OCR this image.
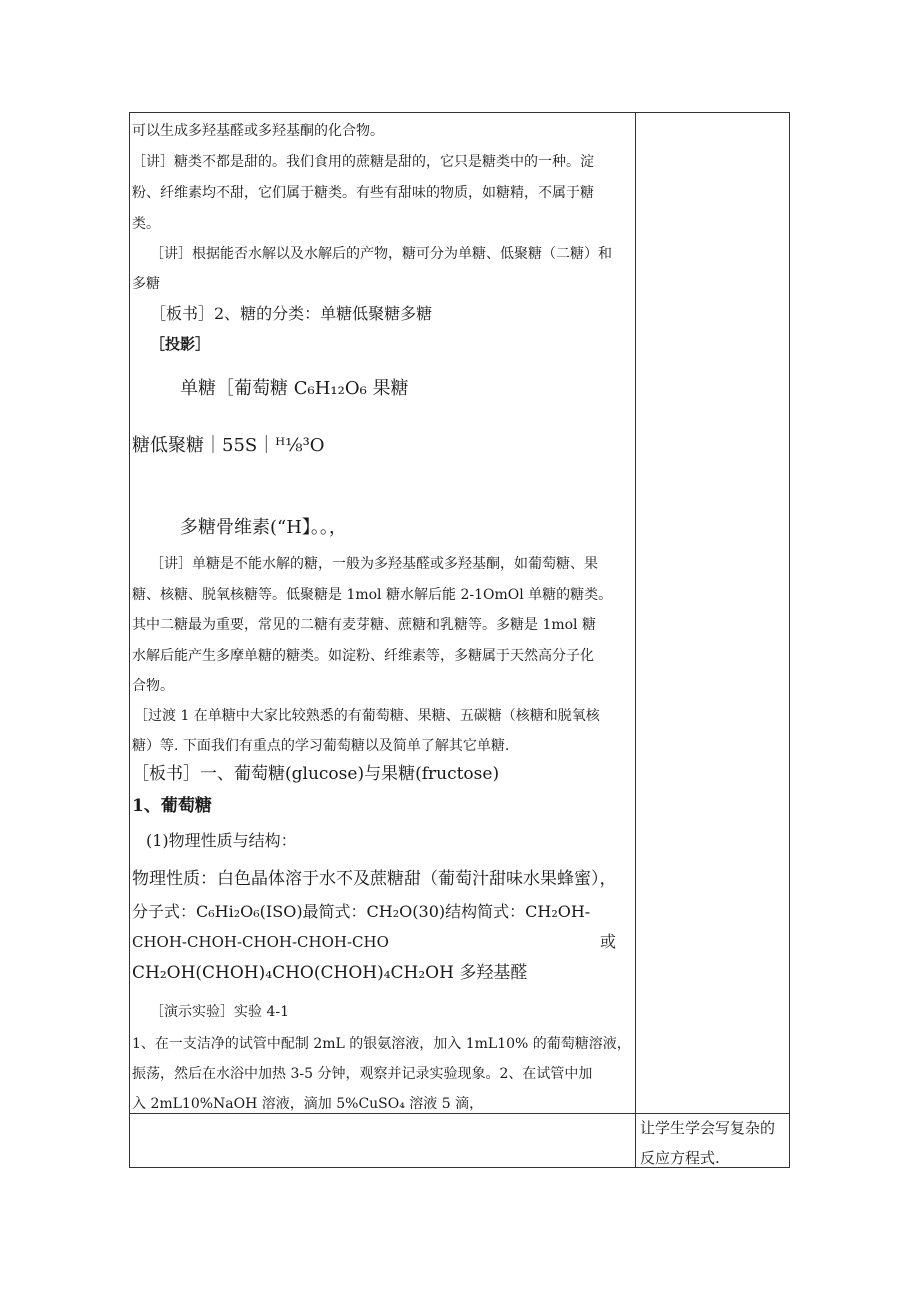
可以生成多羟基醛或多羟基酮的化合物。
［讲］糖类不都是甜的。我们食用的蔗糖是甜的，它只是糖类中的一种。淀
粉、纤维素均不甜，它们属于糖类。有些有甜味的物质，如糖精，不属于糖
类。
［讲］根据能否水解以及水解后的产物，糖可分为单糖、低聚糖（二糖）和
多糖
［板书］2、糖的分类：单糖低聚糖多糖
［投影］
单糖［葡萄糖 C₆H₁₂O₆ 果糖
糖低聚糖｜55S｜ᴴ⅛³O
多糖骨维素(“H】。。，
［讲］单糖是不能水解的糖，一般为多羟基醛或多羟基酮，如葡萄糖、果
糖、核糖、脱氧核糖等。低聚糖是 1mol 糖水解后能 2-1OmOl 单糖的糖类。
其中二糖最为重要，常见的二糖有麦芽糖、蔗糖和乳糖等。多糖是 1mol 糖
水解后能产生多摩单糖的糖类。如淀粉、纤维素等，多糖属于天然高分子化
合物。
［过渡 1 在单糖中大家比较熟悉的有葡萄糖、果糖、五碳糖（核糖和脱氧核
糖）等. 下面我们有重点的学习葡萄糖以及简单了解其它单糖.
［板书］一、葡萄糖(glucose)与果糖(fructose)
1、葡萄糖
(1)物理性质与结构：
物理性质：白色晶体溶于水不及蔗糖甜（葡萄汁甜味水果蜂蜜），
分子式：C₆Hi₂O₆(ISO)最简式：CH₂O(30)结构简式：CH₂OH-
CHOH-CHOH-CHOH-CHOH-CHO	或
CH₂OH(CHOH)₄CHO(CHOH)₄CH₂OH 多羟基醛
［演示实验］实验 4-1
1、在一支洁净的试管中配制 2mL 的银氨溶液，加入 1mL10% 的葡萄糖溶液，
振荡，然后在水浴中加热 3-5 分钟，观察并记录实验现象。2、在试管中加
入 2mL10%NaOH 溶液，滴加 5%CuSO₄ 溶液 5 滴，
让学生学会写复杂的
反应方程式.
